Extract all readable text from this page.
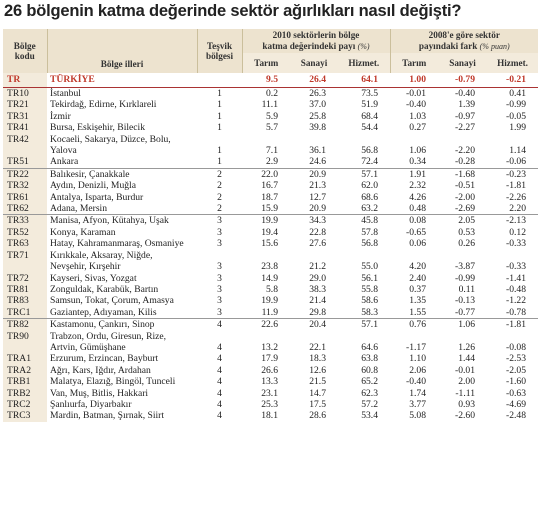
26 bölgenin katma değerinde sektör ağırlıkları nasıl değişti?
Bölge
kodu	Bölge illeri	Teşvik
bölgesi	2010 sektörlerin bölge
katma değerindeki payı (%)			2008'e göre sektör
payındaki fark (% puan)		
			Tarım	Sanayi	Hizmet.	Tarım	Sanayi	Hizmet.
TR	TÜRKİYE		9.5	26.4	64.1	1.00	-0.79	-0.21
TR10	İstanbul	1	0.2	26.3	73.5	-0.01	-0.40	0.41
TR21	Tekirdağ, Edirne, Kırklareli	1	11.1	37.0	51.9	-0.40	1.39	-0.99
TR31	İzmir	1	5.9	25.8	68.4	1.03	-0.97	-0.05
TR41	Bursa, Eskişehir, Bilecik	1	5.7	39.8	54.4	0.27	-2.27	1.99
TR42	Kocaeli, Sakarya, Düzce, Bolu,							
	Yalova	1	7.1	36.1	56.8	1.06	-2.20	1.14
TR51	Ankara	1	2.9	24.6	72.4	0.34	-0.28	-0.06
TR22	Balıkesir, Çanakkale	2	22.0	20.9	57.1	1.91	-1.68	-0.23
TR32	Aydın, Denizli, Muğla	2	16.7	21.3	62.0	2.32	-0.51	-1.81
TR61	Antalya, Isparta, Burdur	2	18.7	12.7	68.6	4.26	-2.00	-2.26
TR62	Adana, Mersin	2	15.9	20.9	63.2	0.48	-2.69	2.20
TR33	Manisa, Afyon, Kütahya, Uşak	3	19.9	34.3	45.8	0.08	2.05	-2.13
TR52	Konya, Karaman	3	19.4	22.8	57.8	-0.65	0.53	0.12
TR63	Hatay, Kahramanmaraş, Osmaniye	3	15.6	27.6	56.8	0.06	0.26	-0.33
TR71	Kırıkkale, Aksaray, Niğde,							
	Nevşehir, Kırşehir	3	23.8	21.2	55.0	4.20	-3.87	-0.33
TR72	Kayseri, Sivas, Yozgat	3	14.9	29.0	56.1	2.40	-0.99	-1.41
TR81	Zonguldak, Karabük, Bartın	3	5.8	38.3	55.8	0.37	0.11	-0.48
TR83	Samsun, Tokat, Çorum, Amasya	3	19.9	21.4	58.6	1.35	-0.13	-1.22
TRC1	Gaziantep, Adıyaman, Kilis	3	11.9	29.8	58.3	1.55	-0.77	-0.78
TR82	Kastamonu, Çankırı, Sinop	4	22.6	20.4	57.1	0.76	1.06	-1.81
TR90	Trabzon, Ordu, Giresun, Rize,							
	Artvin, Gümüşhane	4	13.2	22.1	64.6	-1.17	1.26	-0.08
TRA1	Erzurum, Erzincan, Bayburt	4	17.9	18.3	63.8	1.10	1.44	-2.53
TRA2	Ağrı, Kars, Iğdır, Ardahan	4	26.6	12.6	60.8	2.06	-0.01	-2.05
TRB1	Malatya, Elazığ, Bingöl, Tunceli	4	13.3	21.5	65.2	-0.40	2.00	-1.60
TRB2	Van, Muş, Bitlis, Hakkari	4	23.1	14.7	62.3	1.74	-1.11	-0.63
TRC2	Şanlıurfa, Diyarbakır	4	25.3	17.5	57.2	3.77	0.93	-4.69
TRC3	Mardin, Batman, Şırnak, Siirt	4	18.1	28.6	53.4	5.08	-2.60	-2.48
